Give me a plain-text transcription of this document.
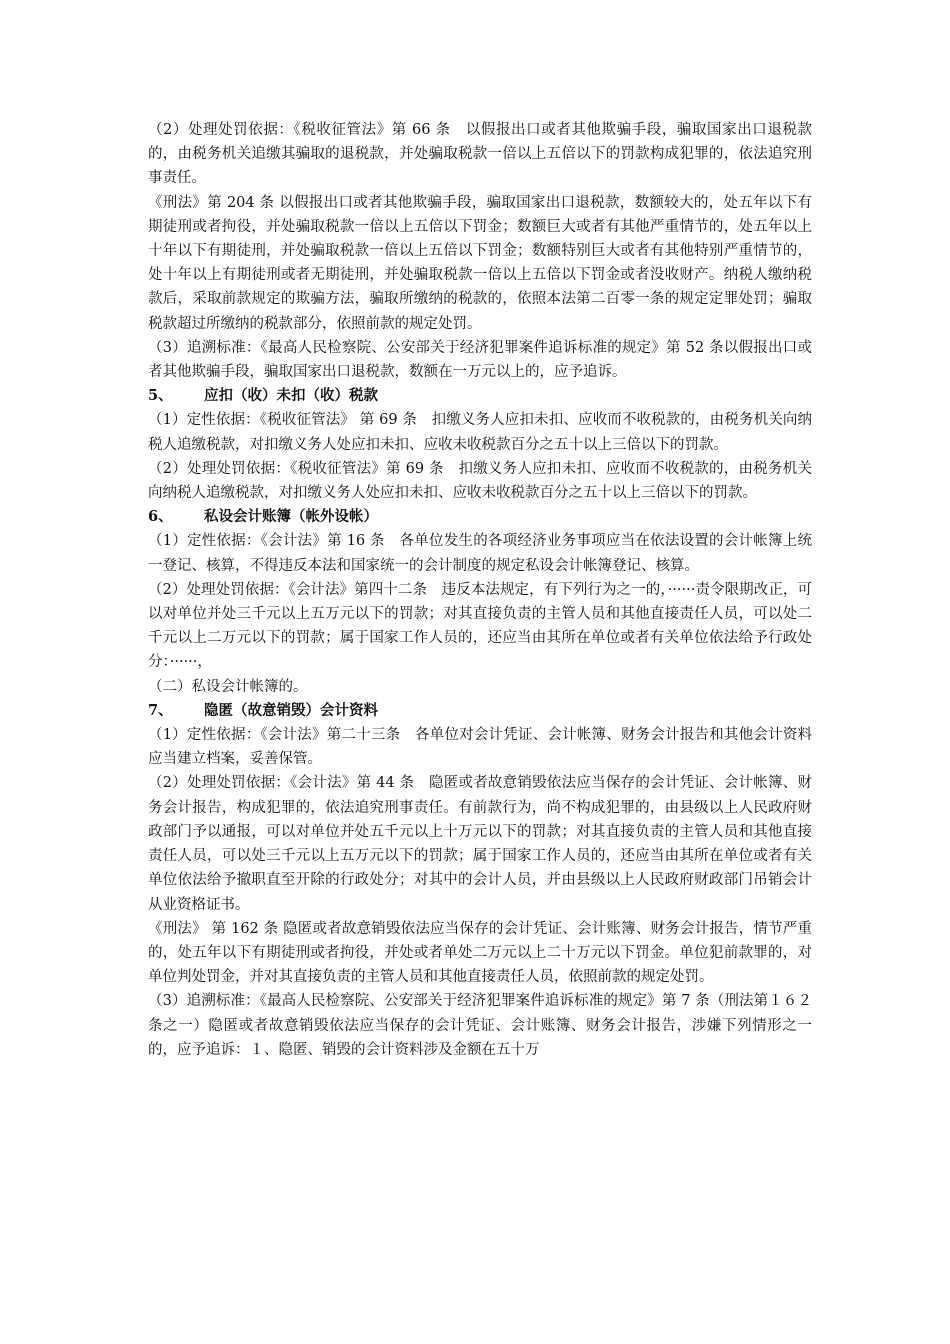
（2）处理处罚依据：《税收征管法》第 66 条　以假报出口或者其他欺骗手段，骗取国家出口退税款的，由税务机关追缴其骗取的退税款，并处骗取税款一倍以上五倍以下的罚款构成犯罪的，依法追究刑事责任。

《刑法》第 204 条 以假报出口或者其他欺骗手段，骗取国家出口退税款，数额较大的，处五年以下有期徒刑或者拘役，并处骗取税款一倍以上五倍以下罚金；数额巨大或者有其他严重情节的，处五年以上十年以下有期徒刑，并处骗取税款一倍以上五倍以下罚金；数额特别巨大或者有其他特别严重情节的，处十年以上有期徒刑或者无期徒刑，并处骗取税款一倍以上五倍以下罚金或者没收财产。纳税人缴纳税款后，采取前款规定的欺骗方法，骗取所缴纳的税款的，依照本法第二百零一条的规定定罪处罚；骗取税款超过所缴纳的税款部分，依照前款的规定处罚。

（3）追溯标准：《最高人民检察院、公安部关于经济犯罪案件追诉标准的规定》第 52 条以假报出口或者其他欺骗手段，骗取国家出口退税款，数额在一万元以上的，应予追诉。

5、	应扣（收）未扣（收）税款

（1）定性依据：《税收征管法》 第 69 条　扣缴义务人应扣未扣、应收而不收税款的，由税务机关向纳税人追缴税款，对扣缴义务人处应扣未扣、应收未收税款百分之五十以上三倍以下的罚款。

（2）处理处罚依据：《税收征管法》第 69 条　扣缴义务人应扣未扣、应收而不收税款的，由税务机关向纳税人追缴税款，对扣缴义务人处应扣未扣、应收未收税款百分之五十以上三倍以下的罚款。

6、	私设会计账簿（帐外设帐）

（1）定性依据：《会计法》第 16 条　各单位发生的各项经济业务事项应当在依法设置的会计帐簿上统一登记、核算，不得违反本法和国家统一的会计制度的规定私设会计帐簿登记、核算。

（2）处理处罚依据：《会计法》第四十二条　违反本法规定，有下列行为之一的，······责令限期改正，可以对单位并处三千元以上五万元以下的罚款；对其直接负责的主管人员和其他直接责任人员，可以处二千元以上二万元以下的罚款；属于国家工作人员的，还应当由其所在单位或者有关单位依法给予行政处分：······，

（二）私设会计帐簿的。

7、	隐匿（故意销毁）会计资料

（1）定性依据：《会计法》第二十三条　各单位对会计凭证、会计帐簿、财务会计报告和其他会计资料应当建立档案，妥善保管。

（2）处理处罚依据：《会计法》第 44 条　隐匿或者故意销毁依法应当保存的会计凭证、会计帐簿、财务会计报告，构成犯罪的，依法追究刑事责任。有前款行为，尚不构成犯罪的，由县级以上人民政府财政部门予以通报，可以对单位并处五千元以上十万元以下的罚款；对其直接负责的主管人员和其他直接责任人员，可以处三千元以上五万元以下的罚款；属于国家工作人员的，还应当由其所在单位或者有关单位依法给予撤职直至开除的行政处分；对其中的会计人员，并由县级以上人民政府财政部门吊销会计从业资格证书。

《刑法》 第 162 条 隐匿或者故意销毁依法应当保存的会计凭证、会计账簿、财务会计报告，情节严重的，处五年以下有期徒刑或者拘役，并处或者单处二万元以上二十万元以下罚金。单位犯前款罪的，对单位判处罚金，并对其直接负责的主管人员和其他直接责任人员，依照前款的规定处罚。

（3）追溯标准：《最高人民检察院、公安部关于经济犯罪案件追诉标准的规定》第 7 条（刑法第１６２条之一）隐匿或者故意销毁依法应当保存的会计凭证、会计账簿、财务会计报告，涉嫌下列情形之一的，应予追诉：１、隐匿、销毁的会计资料涉及金额在五十万
